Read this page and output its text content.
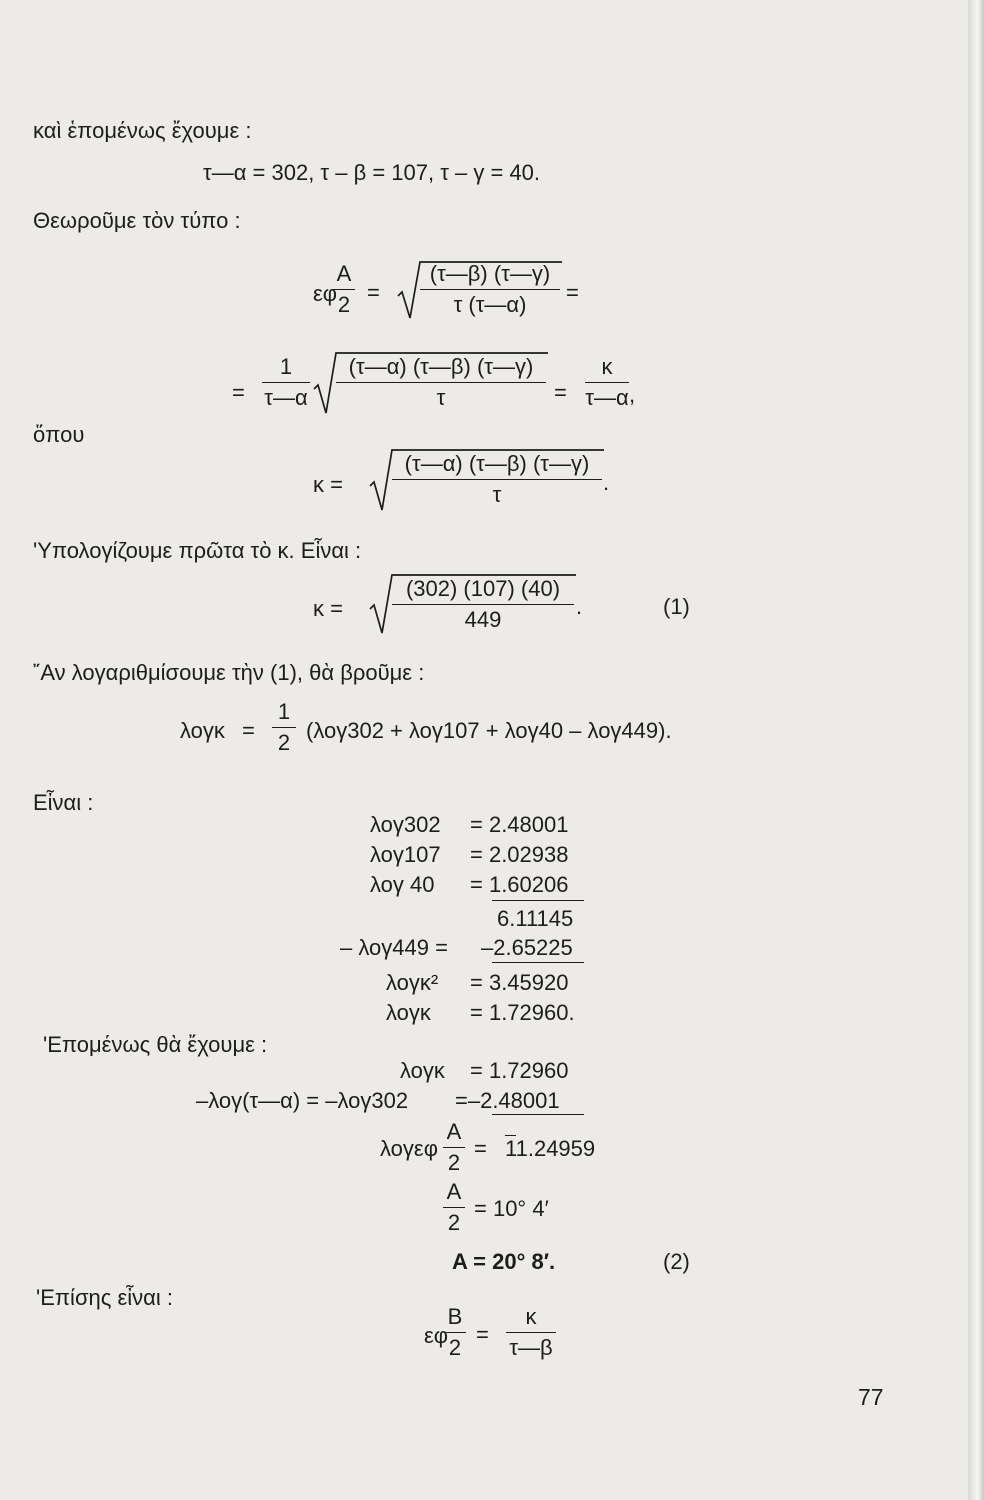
καὶ ἑπομένως ἔχουμε :
τ—α = 302, τ – β = 107, τ – γ = 40.
Θεωροῦμε τὸν τύπο :
εφ
A
2 =
(τ—β) (τ—γ)
τ (τ—α)	=
=
1
τ—α
(τ—α) (τ—β) (τ—γ)
τ	=
κ
τ—α ,
ὅπου
κ =
(τ—α) (τ—β) (τ—γ)
τ	.
'Υπολογίζουμε πρῶτα τὸ κ. Εἶναι :
κ =
(302) (107) (40)
449
.	(1)
῎Αν λογαριθμίσουμε τὴν (1), θὰ βροῦμε :
λογκ =
1
2 (λογ302 + λογ107 + λογ40 – λογ449).
Εἶναι :
λογ302 = 2.48001
λογ107 = 2.02938
λογ 40 = 1.60206
6.11145
– λογ449 = –2.65225
λογκ² = 3.45920
λογκ = 1.72960.
'Επομένως θὰ ἔχουμε :
λογκ = 1.72960
–λογ(τ—α) = –λογ302 =–2.48001
λογεφ
A
2
= 11.24959
A
2
= 10° 4′
A = 20° 8′.	(2)
'Επίσης εἶναι :
εφ
B
2
=
κ
τ—β
77
